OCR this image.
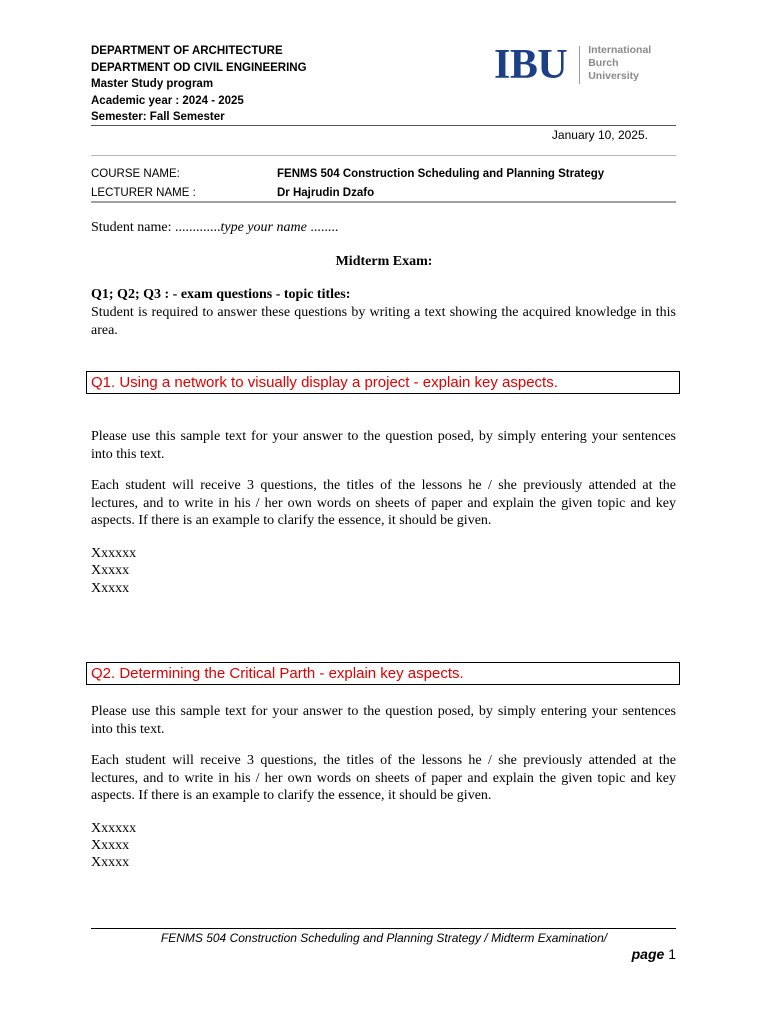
DEPARTMENT OF ARCHITECTURE
DEPARTMENT OD CIVIL ENGINEERING
Master Study program
Academic year : 2024 - 2025
Semester: Fall Semester
IBU International
Burch
University
January 10, 2025.
COURSE NAME:	FENMS 504 Construction Scheduling and Planning Strategy
LECTURER NAME :	Dr Hajrudin Dzafo
Student name: .............type your name ........
Midterm Exam:
Q1; Q2; Q3 : - exam questions - topic titles:
Student is required to answer these questions by writing a text showing the acquired knowledge in this area.
Q1. Using a network to visually display a project - explain key aspects.
Please use this sample text for your answer to the question posed, by simply entering your sentences into this text.
Each student will receive 3 questions, the titles of the lessons he / she previously attended at the lectures, and to write in his / her own words on sheets of paper and explain the given topic and key aspects. If there is an example to clarify the essence, it should be given.
Xxxxxx
Xxxxx
Xxxxx
Q2. Determining the Critical Parth - explain key aspects.
Please use this sample text for your answer to the question posed, by simply entering your sentences into this text.
Each student will receive 3 questions, the titles of the lessons he / she previously attended at the lectures, and to write in his / her own words on sheets of paper and explain the given topic and key aspects. If there is an example to clarify the essence, it should be given.
Xxxxxx
Xxxxx
Xxxxx
FENMS 504 Construction Scheduling and Planning Strategy / Midterm Examination/
page 1
